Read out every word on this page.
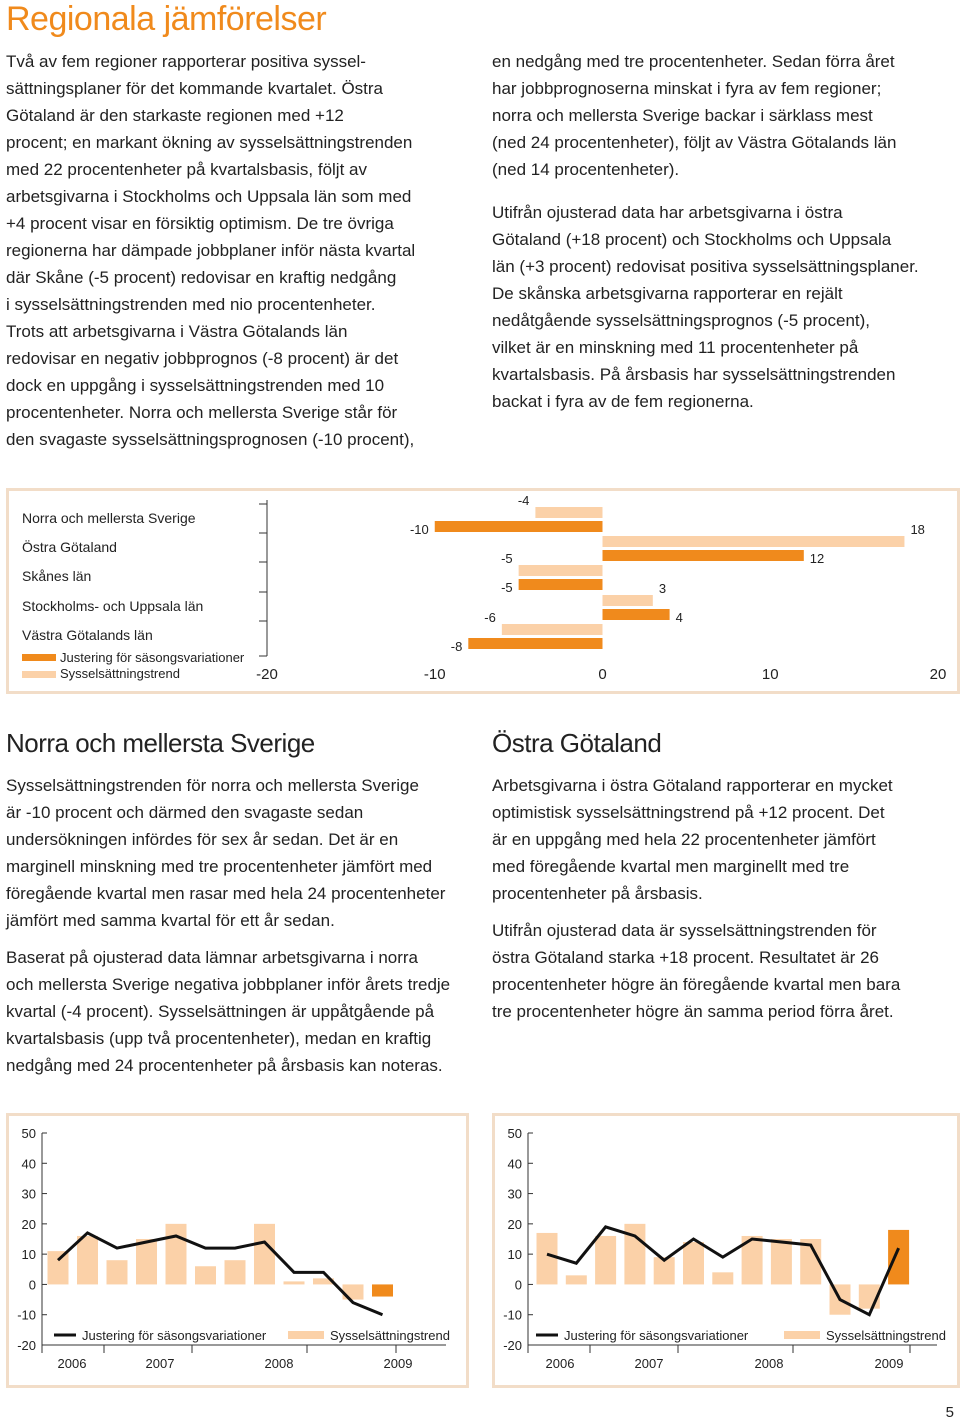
Regionala jämförelser
Två av fem regioner rapporterar positiva syssel-
sättningsplaner för det kommande kvartalet. Östra
Götaland är den starkaste regionen med +12
procent; en markant ökning av sysselsättningstrenden
med 22 procentenheter på kvartalsbasis, följt av
arbetsgivarna i Stockholms och Uppsala län som med
+4 procent visar en försiktig optimism. De tre övriga
regionerna har dämpade jobbplaner inför nästa kvartal
där Skåne (-5 procent) redovisar en kraftig nedgång
i sysselsättningstrenden med nio procentenheter.
Trots att arbetsgivarna i Västra Götalands län
redovisar en negativ jobbprognos (-8 procent) är det
dock en uppgång i sysselsättningstrenden med 10
procentenheter. Norra och mellersta Sverige står för
den svagaste sysselsättningsprognosen (-10 procent),
en nedgång med tre procentenheter. Sedan förra året
har jobbprognoserna minskat i fyra av fem regioner;
norra och mellersta Sverige backar i särklass mest
(ned 24 procentenheter), följt av Västra Götalands län
(ned 14 procentenheter).
Utifrån ojusterad data har arbetsgivarna i östra
Götaland (+18 procent) och Stockholms och Uppsala
län (+3 procent) redovisat positiva sysselsättningsplaner.
De skånska arbetsgivarna rapporterar en rejält
nedåtgående sysselsättningsprognos (-5 procent),
vilket är en minskning med 11 procentenheter på
kvartalsbasis. På årsbasis har sysselsättningstrenden
backat i fyra av de fem regionerna.
Norra och mellersta Sverige
Östra Götaland
Skånes län
Stockholms- och Uppsala län
Västra Götalands län
-10
12
-5
4
-8
-4
18
-5
3
-6
-20	-10	0	10	20
Justering för säsongsvariationer
Sysselsättningstrend
Norra och mellersta Sverige
Sysselsättningstrenden för norra och mellersta Sverige
är -10 procent och därmed den svagaste sedan
undersökningen infördes för sex år sedan. Det är en
marginell minskning med tre procentenheter jämfört med
föregående kvartal men rasar med hela 24 procentenheter
jämfört med samma kvartal för ett år sedan.
Baserat på ojusterad data lämnar arbetsgivarna i norra
och mellersta Sverige negativa jobbplaner inför årets tredje
kvartal (-4 procent). Sysselsättningen är uppåtgående på
kvartalsbasis (upp två procentenheter), medan en kraftig
nedgång med 24 procentenheter på årsbasis kan noteras.
Östra Götaland
Arbetsgivarna i östra Götaland rapporterar en mycket
optimistisk sysselsättningstrend på +12 procent. Det
är en uppgång med hela 22 procentenheter jämfört
med föregående kvartal men marginellt med tre
procentenheter på årsbasis.
Utifrån ojusterad data är sysselsättningstrenden för
östra Götaland starka +18 procent. Resultatet är 26
procentenheter högre än föregående kvartal men bara
tre procentenheter högre än samma period förra året.
50
40
30
20
10
0
-10
-20
Justering för säsongsvariationer	Sysselsättningstrend
2006	2007	2008	2009
50
40
30
20
10
0
-10
-20
Justering för säsongsvariationer	Sysselsättningstrend
2006	2007	2008	2009
5
